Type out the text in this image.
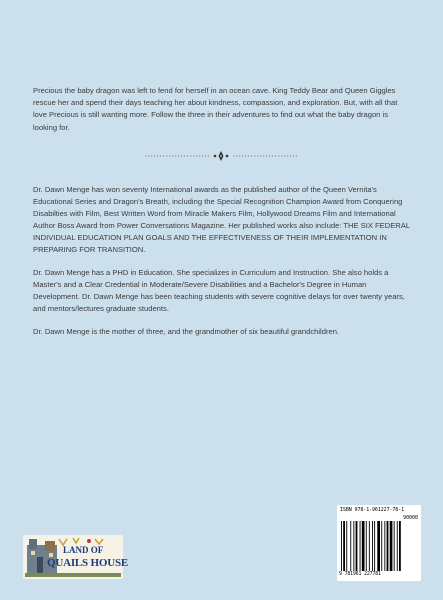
Precious the baby dragon was left to fend for herself in an ocean cave. King Teddy Bear and Queen Giggles rescue her and spend their days teaching her about kindness, compassion, and exploration. But, with all that love Precious is still wanting more. Follow the three in their adventures to find out what the baby dragon is looking for.

Dr. Dawn Menge has won seventy International awards as the published author of the Queen Vernita's Educational Series and Dragon's Breath, including the Special Recognition Champion Award from Conquering Disabilties with Film, Best Written Word from Miracle Makers Film, Hollywood Dreams Film and International Author Boss Award from Power Conversations Magazine. Her published works also include: THE SIX FEDERAL INDIVIDUAL EDUCATION PLAN GOALS AND THE EFFECTIVENESS OF THEIR IMPLEMENTATION IN PREPARING FOR TRANSITION.

Dr. Dawn Menge has a PHD in Education. She specializes in Curriculum and Instruction. She also holds a Master's and a Clear Credential in Moderate/Severe Disabilities and a Bachelor's Degree in Human Development. Dr. Dawn Menge has been teaching students with severe cognitive delays for over twenty years, and mentors/lectures graduate students.

Dr. Dawn Menge is the mother of three, and the grandmother of six beautiful grandchildren.

LAND OF
QUAILS HOUSE
ISBN 978-1-961227-78-1
90000
9 781961 227781
